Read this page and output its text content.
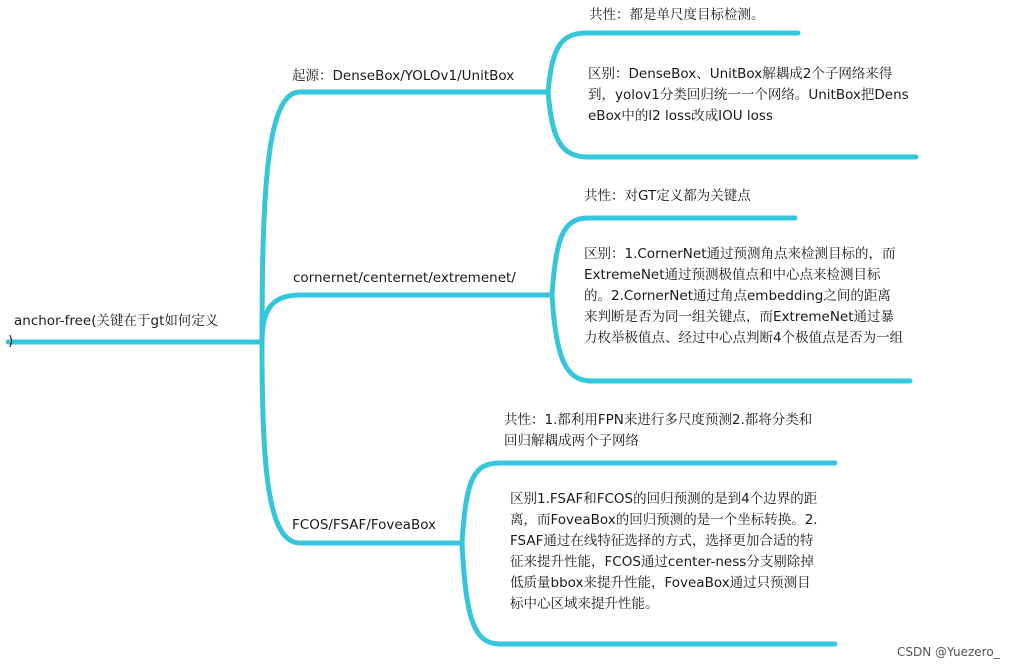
anchor-free(关键在于gt如何定义
)
起源：DenseBox/YOLOv1/UnitBox
共性：都是单尺度目标检测。
区别：DenseBox、UnitBox解耦成2个子网络来得到，yolov1分类回归统一一个网络。UnitBox把DenseBox中的l2 loss改成IOU loss
cornernet/centernet/extremenet/
共性：对GT定义都为关键点
区别：1.CornerNet通过预测角点来检测目标的，而ExtremeNet通过预测极值点和中心点来检测目标的。2.CornerNet通过角点embedding之间的距离来判断是否为同一组关键点，而ExtremeNet通过暴力枚举极值点、经过中心点判断4个极值点是否为一组
FCOS/FSAF/FoveaBox
共性：1.都利用FPN来进行多尺度预测2.都将分类和回归解耦成两个子网络
区别1.FSAF和FCOS的回归预测的是到4个边界的距离，而FoveaBox的回归预测的是一个坐标转换。2.FSAF通过在线特征选择的方式，选择更加合适的特征来提升性能，FCOS通过center-ness分支剔除掉低质量bbox来提升性能，FoveaBox通过只预测目标中心区域来提升性能。
CSDN @Yuezero_
